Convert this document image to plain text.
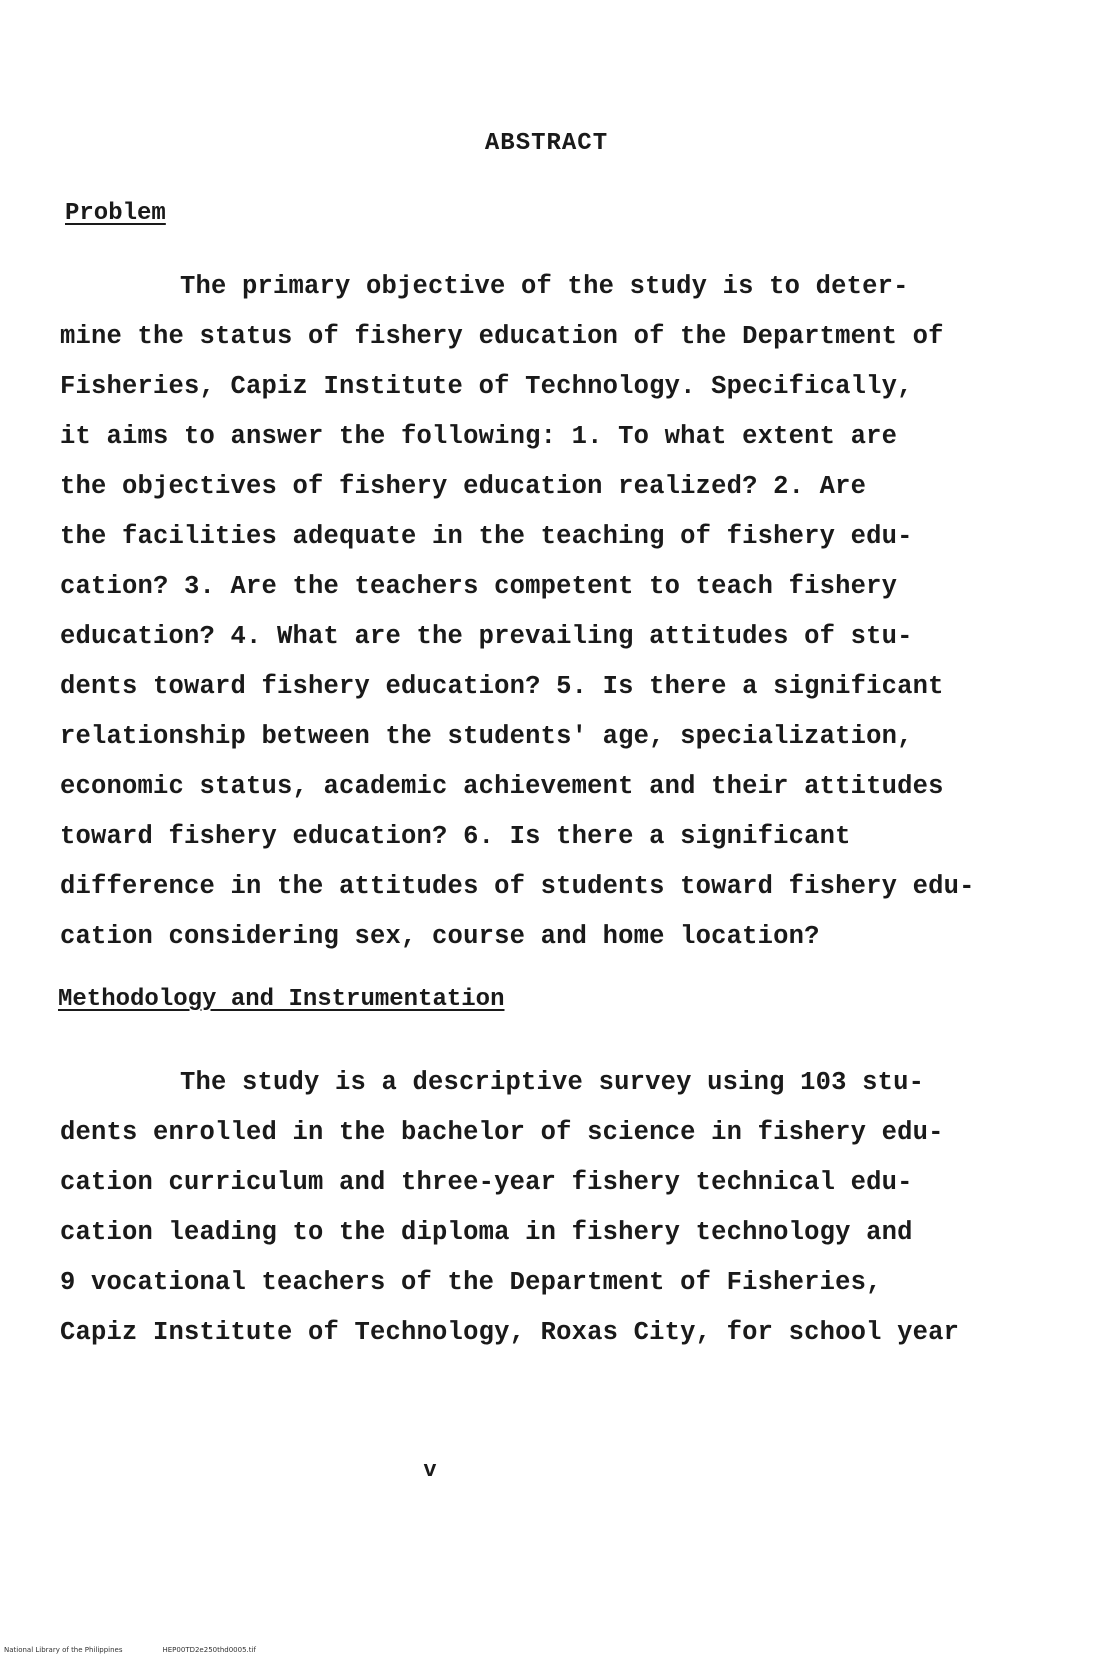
ABSTRACT
Problem
The primary objective of the study is to deter-
mine the status of fishery education of the Department of
Fisheries, Capiz Institute of Technology. Specifically,
it aims to answer the following: 1. To what extent are
the objectives of fishery education realized? 2. Are
the facilities adequate in the teaching of fishery edu-
cation? 3. Are the teachers competent to teach fishery
education? 4. What are the prevailing attitudes of stu-
dents toward fishery education? 5. Is there a significant
relationship between the students' age, specialization,
economic status, academic achievement and their attitudes
toward fishery education? 6. Is there a significant
difference in the attitudes of students toward fishery edu-
cation considering sex, course and home location?
Methodology and Instrumentation
The study is a descriptive survey using 103 stu-
dents enrolled in the bachelor of science in fishery edu-
cation curriculum and three-year fishery technical edu-
cation leading to the diploma in fishery technology and
9 vocational teachers of the Department of Fisheries,
Capiz Institute of Technology, Roxas City, for school year
v
National Library of the Philippines	HEP00TD2e250thd0005.tif
